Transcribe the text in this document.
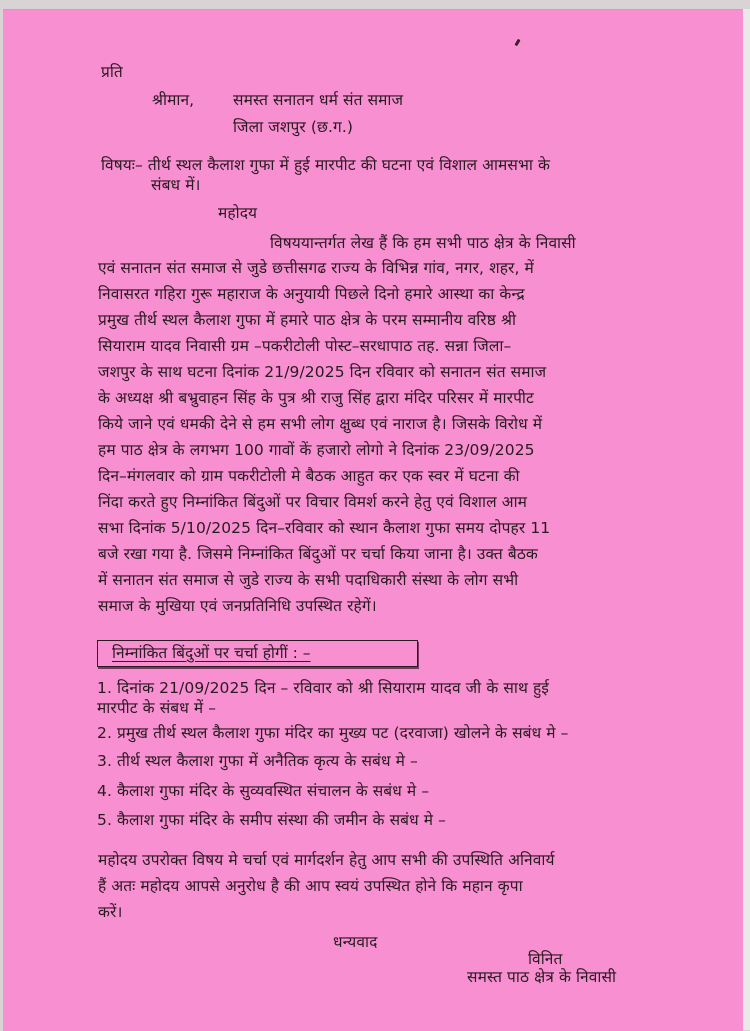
प्रति
श्रीमान,	समस्त सनातन धर्म संत समाज
जिला जशपुर (छ.ग.)
विषयः– तीर्थ स्थल कैलाश गुफा में हुई मारपीट की घटना एवं विशाल आमसभा के
संबध में।
महोदय
विषययान्तर्गत लेख हैं कि हम सभी पाठ क्षेत्र के निवासी
एवं सनातन संत समाज से जुडे छत्तीसगढ राज्य के विभिन्न गांव, नगर, शहर, में
निवासरत गहिरा गुरू महाराज के अनुयायी पिछले दिनो हमारे आस्था का केन्द्र
प्रमुख तीर्थ स्थल कैलाश गुफा में हमारे पाठ क्षेत्र के परम सम्मानीय वरिष्ठ श्री
सियाराम यादव निवासी ग्रम –पकरीटोली पोस्ट–सरधापाठ तह. सन्ना जिला–
जशपुर के साथ घटना दिनांक 21/9/2025 दिन रविवार को सनातन संत समाज
के अध्यक्ष श्री बभ्रुवाहन सिंह के पुत्र श्री राजु सिंह द्वारा मंदिर परिसर में मारपीट
किये जाने एवं धमकी देने से हम सभी लोग क्षुब्ध एवं नाराज है। जिसके विरोध में
हम पाठ क्षेत्र के लगभग 100 गावों कें हजारो लोगो ने दिनांक 23/09/2025
दिन–मंगलवार को ग्राम पकरीटोली मे बैठक आहुत कर एक स्वर में घटना की
निंदा करते हुए निम्नांकित बिंदुओं पर विचार विमर्श करने हेतु एवं विशाल आम
सभा दिनांक 5/10/2025 दिन–रविवार को स्थान कैलाश गुफा समय दोपहर 11
बजे रखा गया है. जिसमे निम्नांकित बिंदुओं पर चर्चा किया जाना है। उक्त बैठक
में सनातन संत समाज से जुडे राज्य के सभी पदाधिकारी संस्था के लोग सभी
समाज के मुखिया एवं जनप्रतिनिधि उपस्थित रहेगें।
निम्नांकित बिंदुओं पर चर्चा होगीं : –
1. दिनांक 21/09/2025 दिन – रविवार को श्री सियाराम यादव जी के साथ हुई
मारपीट के संबध में –
2. प्रमुख तीर्थ स्थल कैलाश गुफा मंदिर का मुख्य पट (दरवाजा) खोलने के सबंध मे –
3. तीर्थ स्थल कैलाश गुफा में अनैतिक कृत्य के सबंध मे –
4. कैलाश गुफा मंदिर के सुव्यवस्थित संचालन के सबंध मे –
5. कैलाश गुफा मंदिर के समीप संस्था की जमीन के सबंध मे –
महोदय उपरोक्त विषय मे चर्चा एवं मार्गदर्शन हेतु आप सभी की उपस्थिति अनिवार्य
हैं अतः महोदय आपसे अनुरोध है की आप स्वयं उपस्थित होने कि महान कृपा
करें।
धन्यवाद
विनित
समस्त पाठ क्षेत्र के निवासी
